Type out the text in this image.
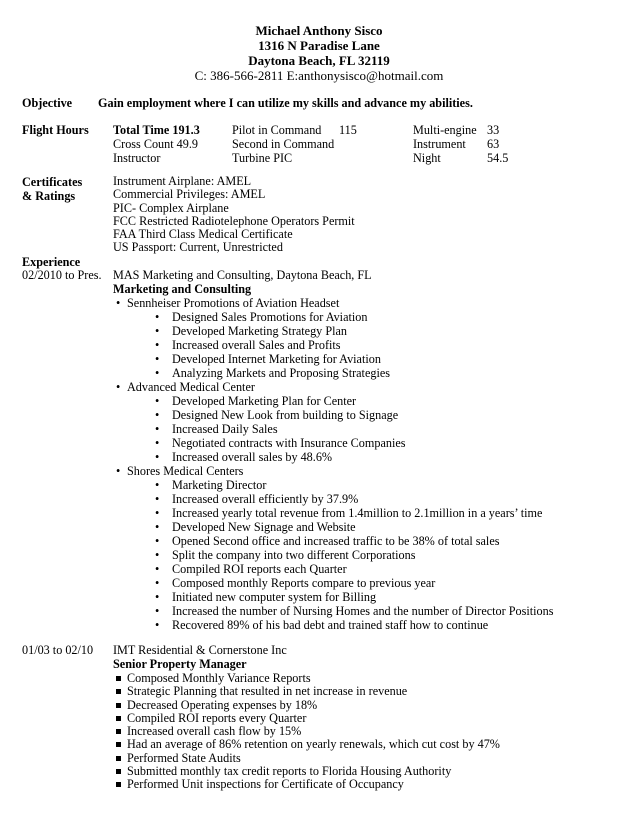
Michael Anthony Sisco
1316 N Paradise Lane
Daytona Beach, FL 32119
C: 386-566-2811 E:anthonysisco@hotmail.com
Objective Gain employment where I can utilize my skills and advance my abilities.
Flight Hours Total Time 191.3
Cross Count 49.9
Instructor
Pilot in Command
Second in Command
Turbine PIC
115	Multi-engine
Instrument
Night
33
63
54.5
Certificates
& Ratings
Instrument Airplane: AMEL
Commercial Privileges: AMEL
PIC- Complex Airplane
FCC Restricted Radiotelephone Operators Permit
FAA Third Class Medical Certificate
US Passport: Current, Unrestricted
Experience
02/2010 to Pres. MAS Marketing and Consulting, Daytona Beach, FL
Marketing and Consulting
• Sennheiser Promotions of Aviation Headset
• Designed Sales Promotions for Aviation
• Developed Marketing Strategy Plan
• Increased overall Sales and Profits
• Developed Internet Marketing for Aviation
• Analyzing Markets and Proposing Strategies
• Advanced Medical Center
• Developed Marketing Plan for Center
• Designed New Look from building to Signage
• Increased Daily Sales
• Negotiated contracts with Insurance Companies
• Increased overall sales by 48.6%
• Shores Medical Centers
• Marketing Director
• Increased overall efficiently by 37.9%
• Increased yearly total revenue from 1.4million to 2.1million in a years’ time
• Developed New Signage and Website
• Opened Second office and increased traffic to be 38% of total sales
• Split the company into two different Corporations
• Compiled ROI reports each Quarter
• Composed monthly Reports compare to previous year
• Initiated new computer system for Billing
• Increased the number of Nursing Homes and the number of Director Positions
• Recovered 89% of his bad debt and trained staff how to continue
01/03 to 02/10 IMT Residential & Cornerstone Inc
Senior Property Manager
Composed Monthly Variance Reports
Strategic Planning that resulted in net increase in revenue
Decreased Operating expenses by 18%
Compiled ROI reports every Quarter
Increased overall cash flow by 15%
Had an average of 86% retention on yearly renewals, which cut cost by 47%
Performed State Audits
Submitted monthly tax credit reports to Florida Housing Authority
Performed Unit inspections for Certificate of Occupancy
